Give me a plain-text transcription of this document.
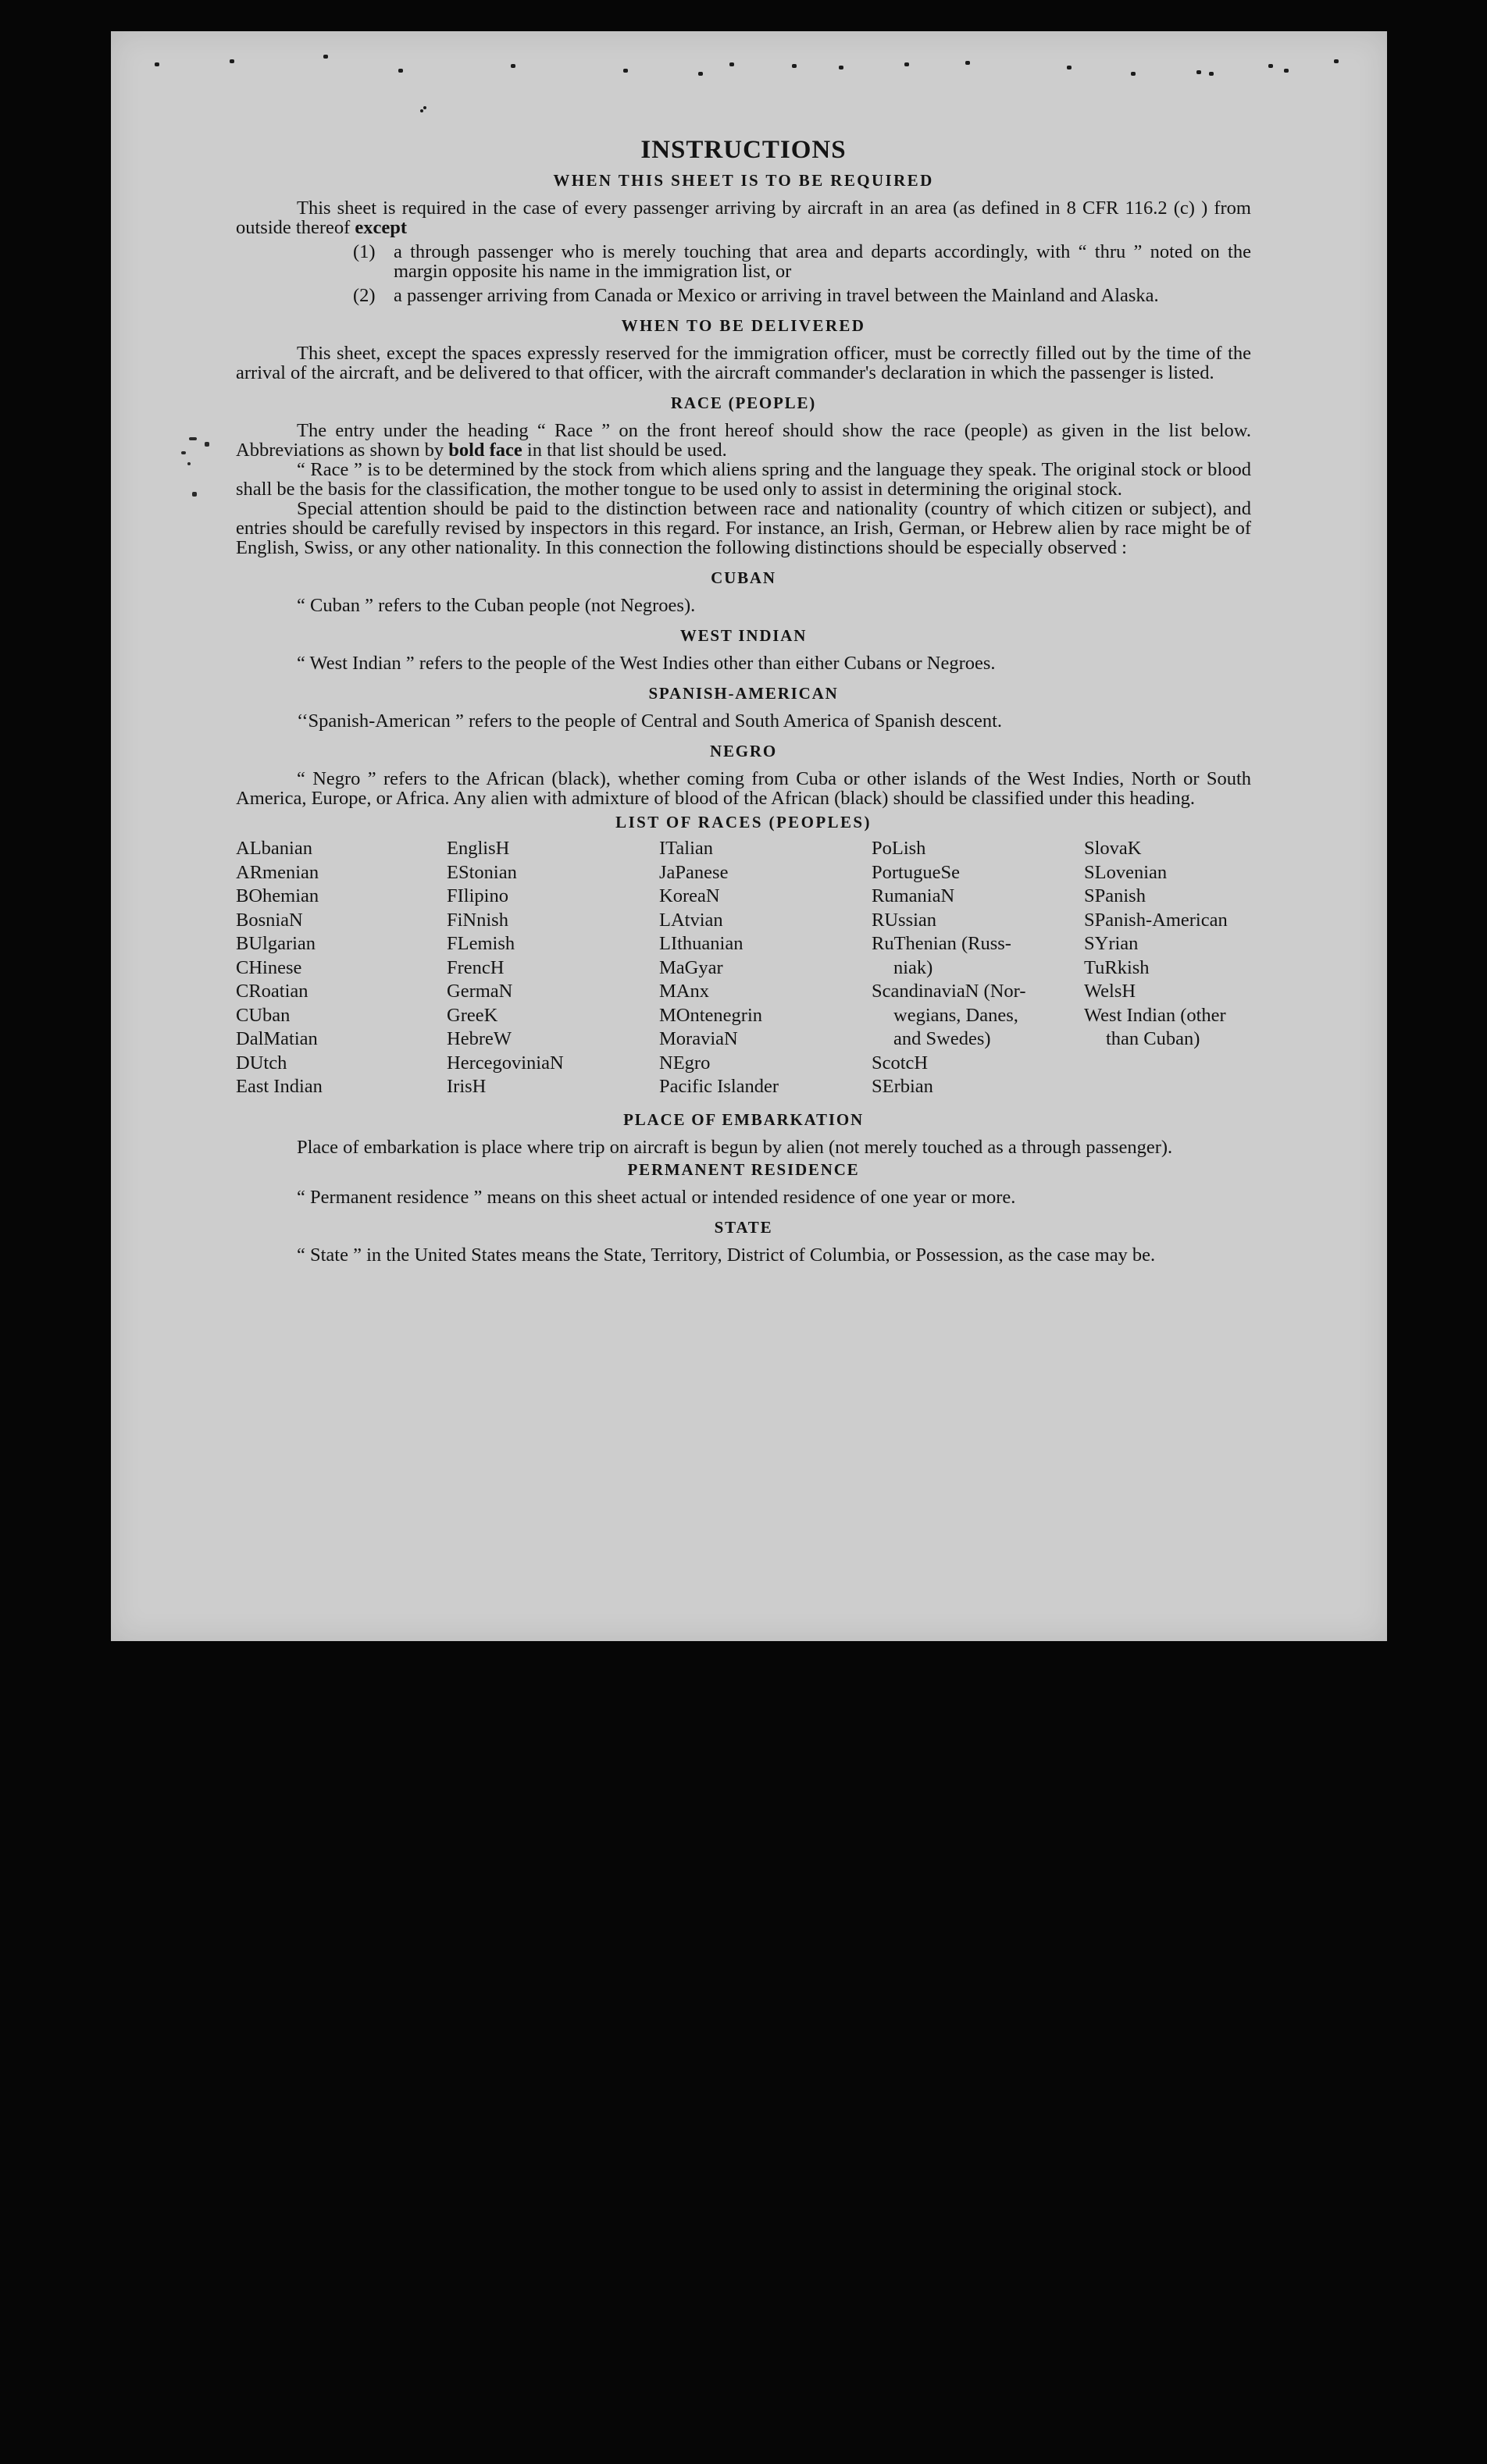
INSTRUCTIONS
WHEN THIS SHEET IS TO BE REQUIRED

This sheet is required in the case of every passenger arriving by aircraft in an area (as defined in 8 CFR 116.2 (c) ) from outside thereof except

(1) a through passenger who is merely touching that area and departs accordingly, with “ thru ” noted on the margin opposite his name in the immigration list, or
(2) a passenger arriving from Canada or Mexico or arriving in travel between the Mainland and Alaska.
WHEN TO BE DELIVERED

This sheet, except the spaces expressly reserved for the immigration officer, must be correctly filled out by the time of the arrival of the aircraft, and be delivered to that officer, with the aircraft commander's declaration in which the passenger is listed.

RACE (PEOPLE)

The entry under the heading “ Race ” on the front hereof should show the race (people) as given in the list below. Abbreviations as shown by bold face in that list should be used.

“ Race ” is to be determined by the stock from which aliens spring and the language they speak. The original stock or blood shall be the basis for the classification, the mother tongue to be used only to assist in determining the original stock.

Special attention should be paid to the distinction between race and nationality (country of which citizen or subject), and entries should be carefully revised by inspectors in this regard. For instance, an Irish, German, or Hebrew alien by race might be of English, Swiss, or any other nationality. In this connection the following distinctions should be especially observed :

CUBAN

“ Cuban ” refers to the Cuban people (not Negroes).

WEST INDIAN

“ West Indian ” refers to the people of the West Indies other than either Cubans or Negroes.

SPANISH-AMERICAN

‘‘Spanish-American ” refers to the people of Central and South America of Spanish descent.

NEGRO

“ Negro ” refers to the African (black), whether coming from Cuba or other islands of the West Indies, North or South America, Europe, or Africa. Any alien with admixture of blood of the African (black) should be classified under this heading.

LIST OF RACES (PEOPLES)
ALbanian
ARmenian
BOhemian
BosniaN
BUlgarian
CHinese
CRoatian
CUban
DalMatian
DUtch
East Indian
EnglisH
EStonian
FIlipino
FiNnish
FLemish
FrencH
GermaN
GreeK
HebreW
HercegoviniaN
IrisH
ITalian
JaPanese
KoreaN
LAtvian
LIthuanian
MaGyar
MAnx
MOntenegrin
MoraviaN
NEgro
Pacific Islander
PoLish
PortugueSe
RumaniaN
RUssian
RuThenian (Russ-
niak)
ScandinaviaN (Nor-
wegians, Danes,
and Swedes)
ScotcH
SErbian
SlovaK
SLovenian
SPanish
SPanish-American
SYrian
TuRkish
WelsH
West Indian (other
than Cuban)
PLACE OF EMBARKATION

Place of embarkation is place where trip on aircraft is begun by alien (not merely touched as a through passenger).

PERMANENT RESIDENCE

“ Permanent residence ” means on this sheet actual or intended residence of one year or more.

STATE

“ State ” in the United States means the State, Territory, District of Columbia, or Possession, as the case may be.
